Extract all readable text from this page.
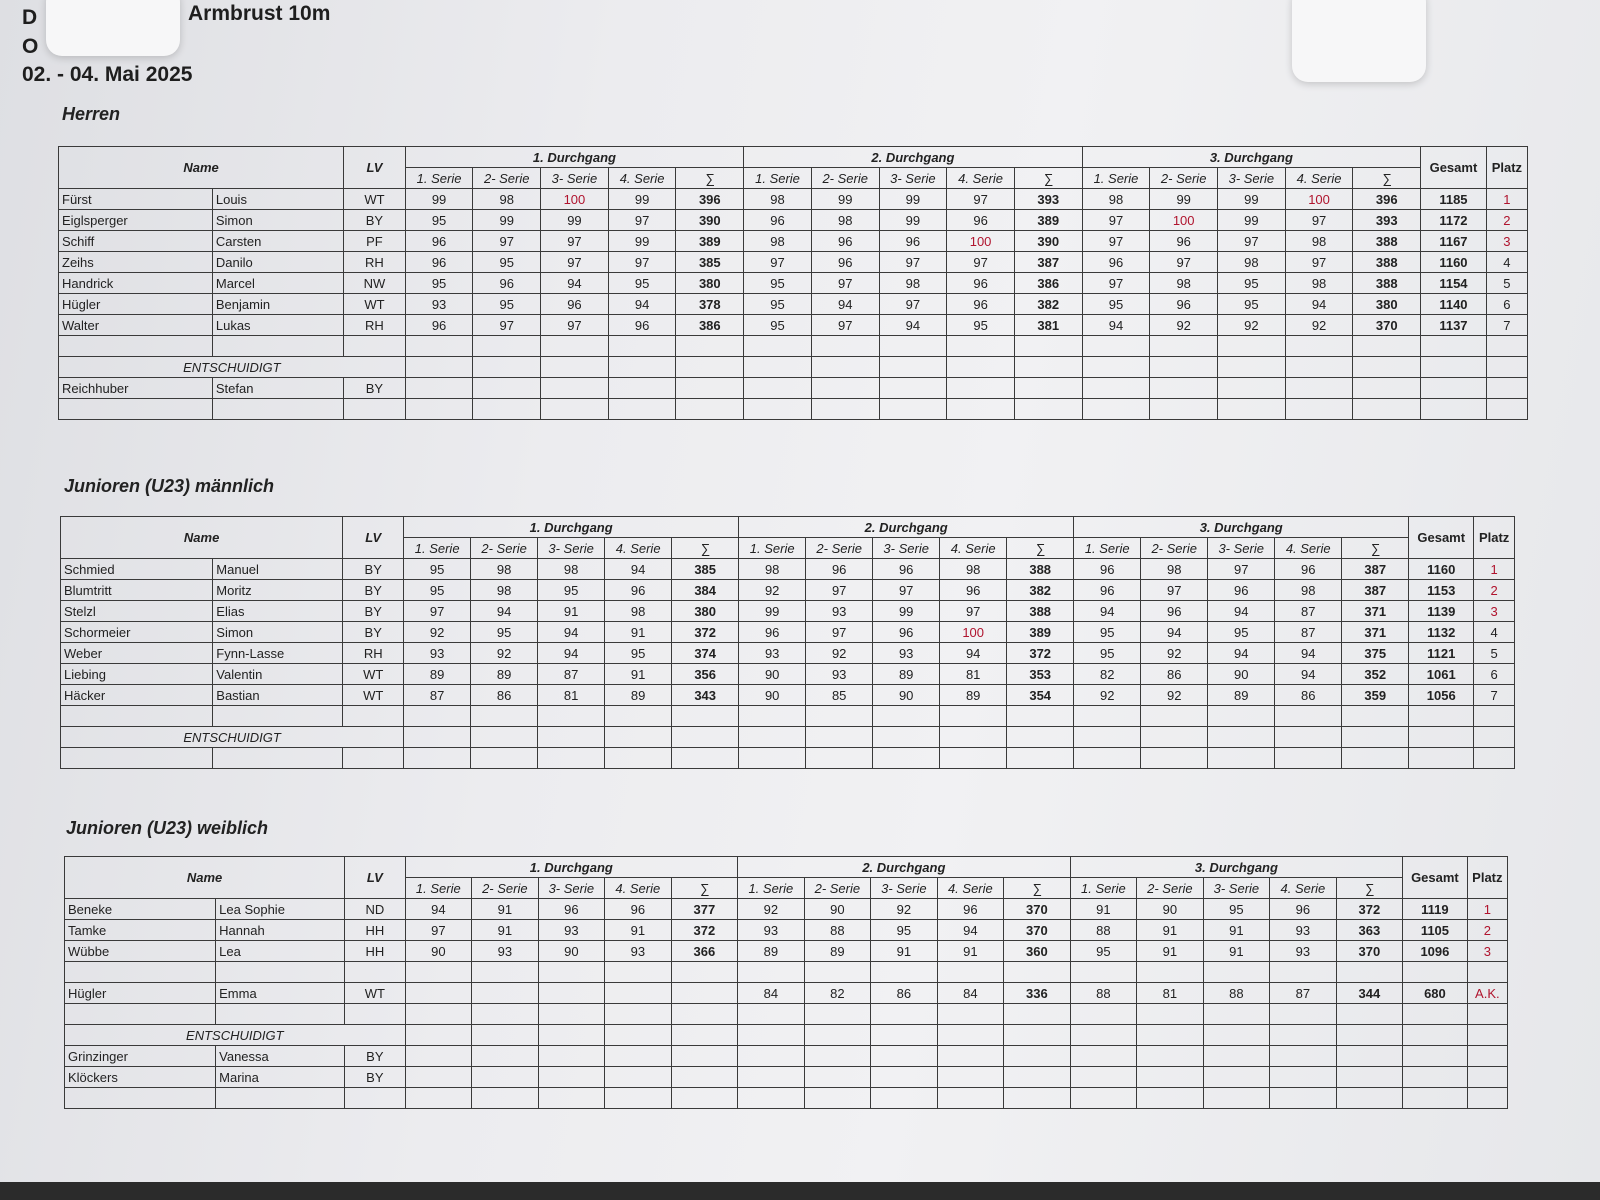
D
O
Armbrust 10m
02. - 04. Mai 2025
Herren
Name		LV	1. Durchgang					2. Durchgang					3. Durchgang					Gesamt	Platz
			1. Serie	2- Serie	3- Serie	4. Serie	∑	1. Serie	2- Serie	3- Serie	4. Serie	∑	1. Serie	2- Serie	3- Serie	4. Serie	∑		
Fürst	Louis	WT	99	98	100	99	396	98	99	99	97	393	98	99	99	100	396	1185	1
Eiglsperger	Simon	BY	95	99	99	97	390	96	98	99	96	389	97	100	99	97	393	1172	2
Schiff	Carsten	PF	96	97	97	99	389	98	96	96	100	390	97	96	97	98	388	1167	3
Zeihs	Danilo	RH	96	95	97	97	385	97	96	97	97	387	96	97	98	97	388	1160	4
Handrick	Marcel	NW	95	96	94	95	380	95	97	98	96	386	97	98	95	98	388	1154	5
Hügler	Benjamin	WT	93	95	96	94	378	95	94	97	96	382	95	96	95	94	380	1140	6
Walter	Lukas	RH	96	97	97	96	386	95	97	94	95	381	94	92	92	92	370	1137	7

ENTSCHUIDIGT																			
Reichhuber	Stefan	BY																	

Junioren (U23) männlich
Name		LV	1. Durchgang					2. Durchgang					3. Durchgang					Gesamt	Platz
			1. Serie	2- Serie	3- Serie	4. Serie	∑	1. Serie	2- Serie	3- Serie	4. Serie	∑	1. Serie	2- Serie	3- Serie	4. Serie	∑		
Schmied	Manuel	BY	95	98	98	94	385	98	96	96	98	388	96	98	97	96	387	1160	1
Blumtritt	Moritz	BY	95	98	95	96	384	92	97	97	96	382	96	97	96	98	387	1153	2
Stelzl	Elias	BY	97	94	91	98	380	99	93	99	97	388	94	96	94	87	371	1139	3
Schormeier	Simon	BY	92	95	94	91	372	96	97	96	100	389	95	94	95	87	371	1132	4
Weber	Fynn-Lasse	RH	93	92	94	95	374	93	92	93	94	372	95	92	94	94	375	1121	5
Liebing	Valentin	WT	89	89	87	91	356	90	93	89	81	353	82	86	90	94	352	1061	6
Häcker	Bastian	WT	87	86	81	89	343	90	85	90	89	354	92	92	89	86	359	1056	7

ENTSCHUIDIGT																			

Junioren (U23) weiblich
Name		LV	1. Durchgang					2. Durchgang					3. Durchgang					Gesamt	Platz
			1. Serie	2- Serie	3- Serie	4. Serie	∑	1. Serie	2- Serie	3- Serie	4. Serie	∑	1. Serie	2- Serie	3- Serie	4. Serie	∑		
Beneke	Lea Sophie	ND	94	91	96	96	377	92	90	92	96	370	91	90	95	96	372	1119	1
Tamke	Hannah	HH	97	91	93	91	372	93	88	95	94	370	88	91	91	93	363	1105	2
Wübbe	Lea	HH	90	93	90	93	366	89	89	91	91	360	95	91	91	93	370	1096	3

Hügler	Emma	WT						84	82	86	84	336	88	81	88	87	344	680	A.K.

ENTSCHUIDIGT																			
Grinzinger	Vanessa	BY																	
Klöckers	Marina	BY																	
